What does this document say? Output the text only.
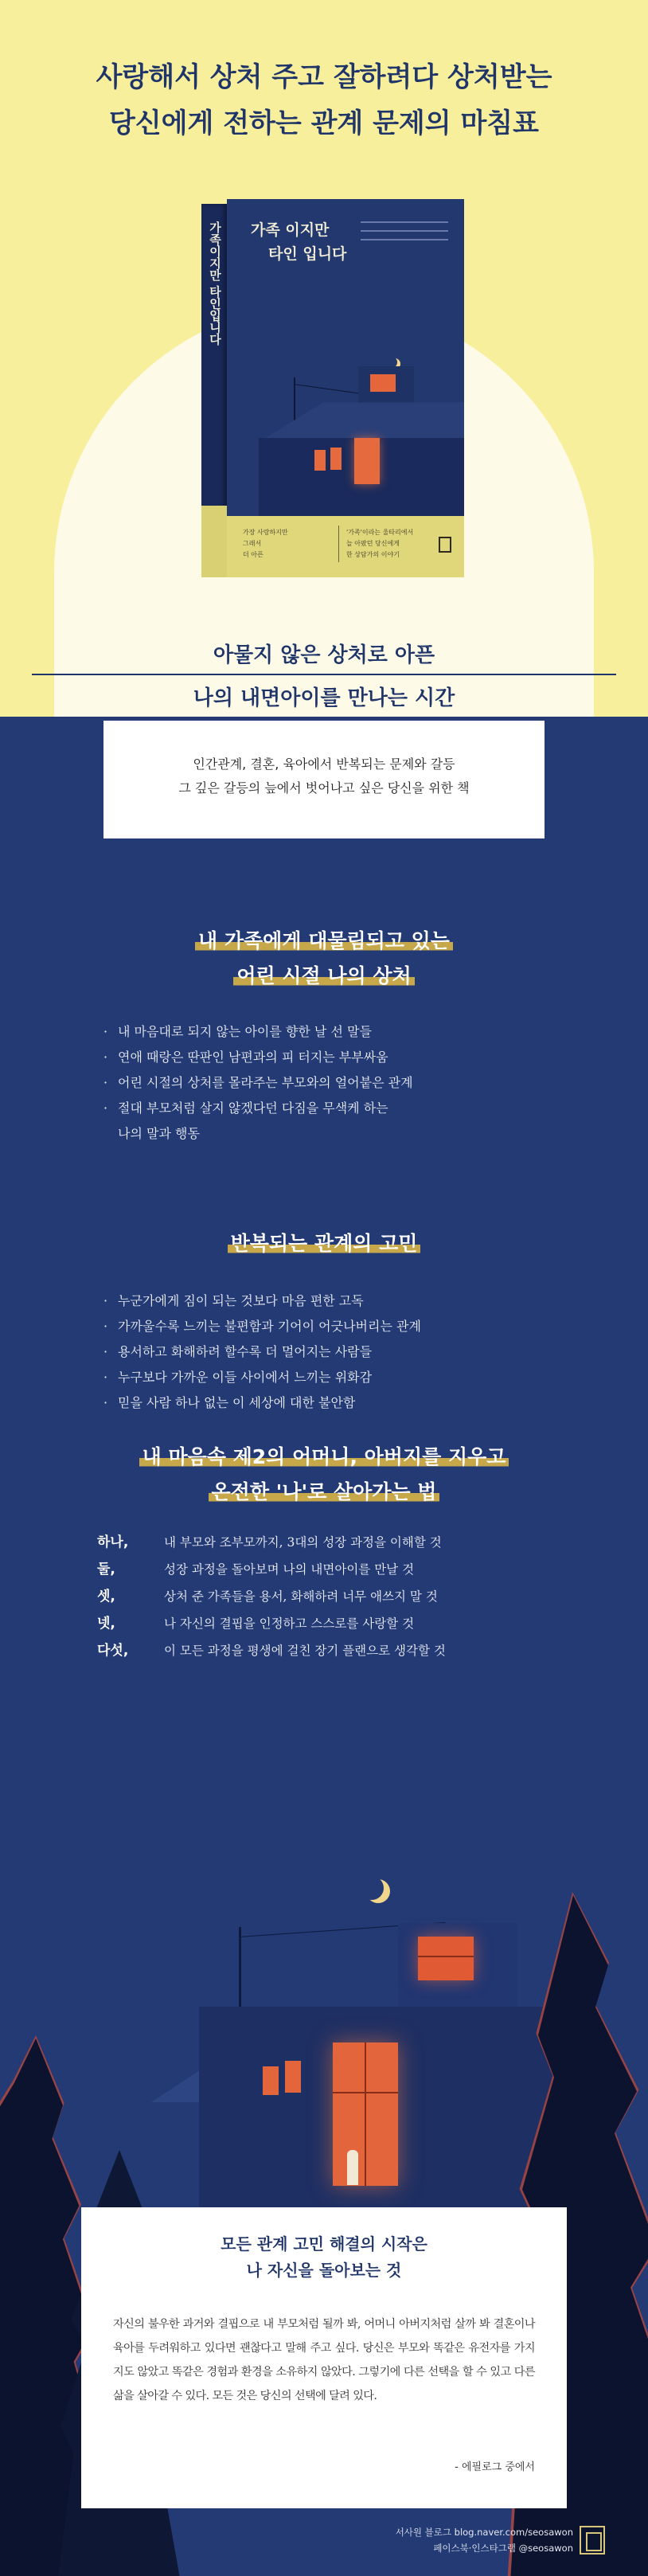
사랑해서 상처 주고 잘하려다 상처받는
당신에게 전하는 관계 문제의 마침표
가족이지만 타인입니다 가족 이지만
타인 입니다
가장 사랑하지만
그래서
더 아픈
'가족'이라는 울타리에서
늘 아팠던 당신에게
한 상담가의 이야기
아물지 않은 상처로 아픈
나의 내면아이를 만나는 시간

인간관계, 결혼, 육아에서 반복되는 문제와 갈등

그 깊은 갈등의 늪에서 벗어나고 싶은 당신을 위한 책

내 가족에게 대물림되고 있는
어린 시절 나의 상처
· 내 마음대로 되지 않는 아이를 향한 날 선 말들
· 연애 때랑은 딴판인 남편과의 피 터지는 부부싸움
· 어린 시절의 상처를 몰라주는 부모와의 얼어붙은 관계
· 절대 부모처럼 살지 않겠다던 다짐을 무색케 하는
나의 말과 행동
반복되는 관계의 고민
· 누군가에게 짐이 되는 것보다 마음 편한 고독
· 가까울수록 느끼는 불편함과 기어이 어긋나버리는 관계
· 용서하고 화해하려 할수록 더 멀어지는 사람들
· 누구보다 가까운 이들 사이에서 느끼는 위화감
· 믿을 사람 하나 없는 이 세상에 대한 불안함
내 마음속 제2의 어머니, 아버지를 지우고
온전한 '나'로 살아가는 법
하나,	내 부모와 조부모까지, 3대의 성장 과정을 이해할 것
둘,	성장 과정을 돌아보며 나의 내면아이를 만날 것
셋,	상처 준 가족들을 용서, 화해하려 너무 애쓰지 말 것
넷,	나 자신의 결핍을 인정하고 스스로를 사랑할 것
다섯,	이 모든 과정을 평생에 걸친 장기 플랜으로 생각할 것
모든 관계 고민 해결의 시작은
나 자신을 돌아보는 것
자신의 불우한 과거와 결핍으로 내 부모처럼 될까 봐, 어머니 아버지처럼 살까 봐 결혼이나 육아를 두려워하고 있다면 괜찮다고 말해 주고 싶다. 당신은 부모와 똑같은 유전자를 가지지도 않았고 똑같은 경험과 환경을 소유하지 않았다. 그렇기에 다른 선택을 할 수 있고 다른 삶을 살아갈 수 있다. 모든 것은 당신의 선택에 달려 있다.
- 에필로그 중에서
서사원 블로그 blog.naver.com/seosawon
페이스북·인스타그램 @seosawon
